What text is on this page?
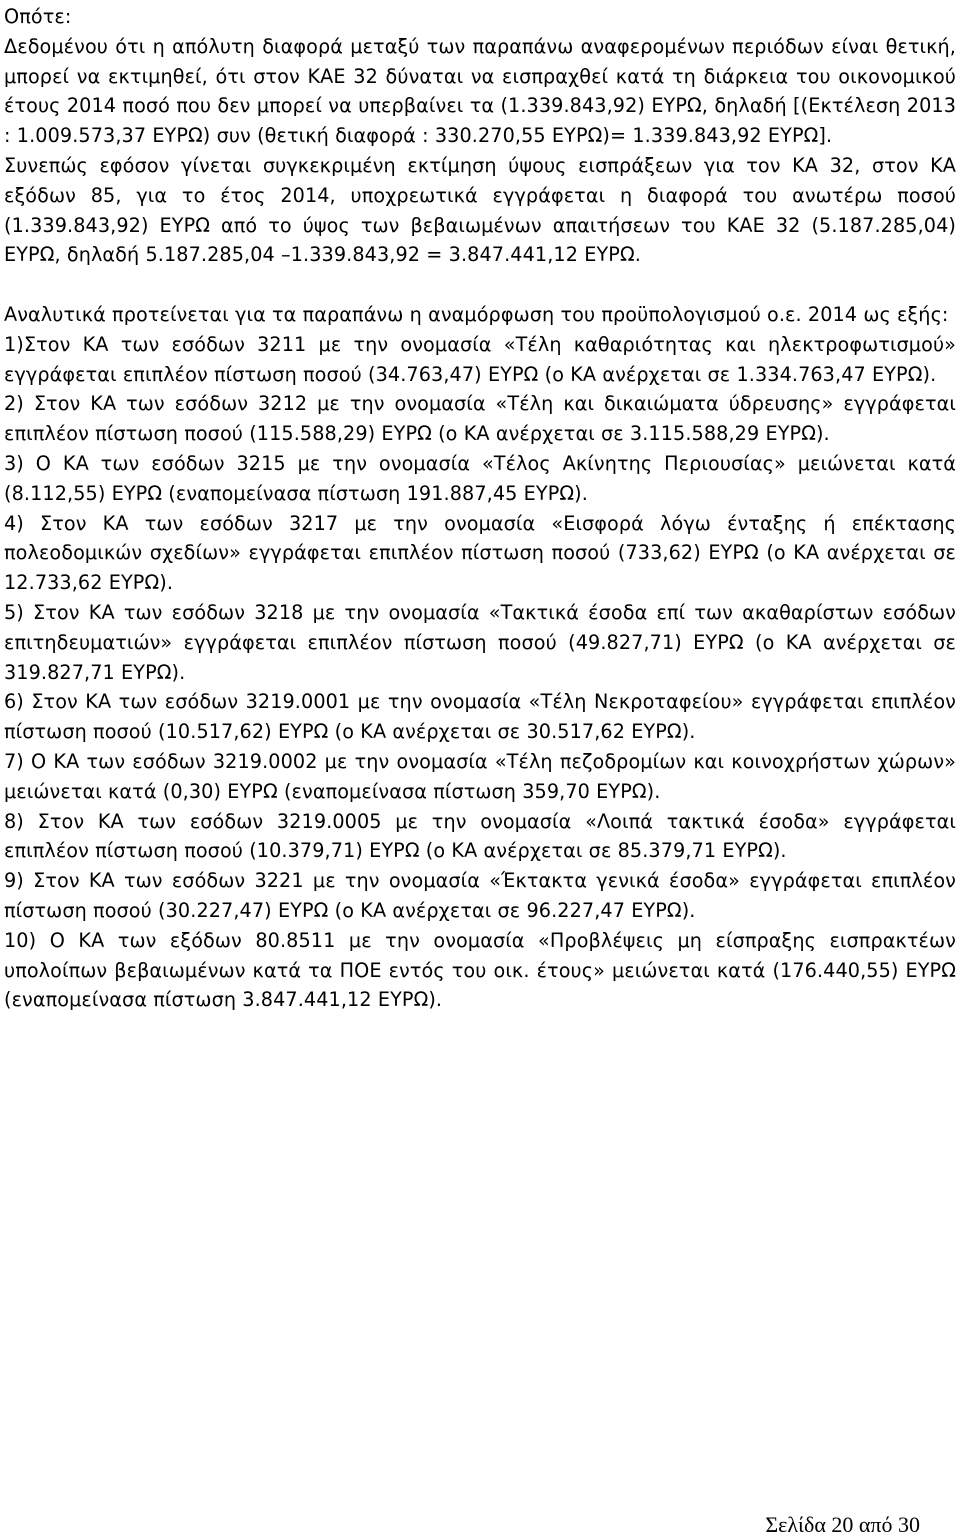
Οπότε:

Δεδομένου ότι η απόλυτη διαφορά μεταξύ των παραπάνω αναφερομένων περιόδων είναι θετική, μπορεί να εκτιμηθεί, ότι στον ΚΑΕ 32 δύναται να εισπραχθεί κατά τη διάρκεια του οικονομικού έτους 2014 ποσό που δεν μπορεί να υπερβαίνει τα (1.339.843,92) ΕΥΡΩ, δηλαδή [(Εκτέλεση 2013 : 1.009.573,37 ΕΥΡΩ) συν (θετική διαφορά : 330.270,55 ΕΥΡΩ)= 1.339.843,92 ΕΥΡΩ].

Συνεπώς εφόσον γίνεται συγκεκριμένη εκτίμηση ύψους εισπράξεων για τον ΚΑ 32, στον ΚΑ εξόδων 85, για το έτος 2014, υποχρεωτικά εγγράφεται η διαφορά του ανωτέρω ποσού (1.339.843,92) ΕΥΡΩ από το ύψος των βεβαιωμένων απαιτήσεων του ΚΑΕ 32 (5.187.285,04) ΕΥΡΩ, δηλαδή 5.187.285,04 –1.339.843,92 = 3.847.441,12 ΕΥΡΩ.

Αναλυτικά προτείνεται για τα παραπάνω η αναμόρφωση του προϋπολογισμού ο.ε. 2014 ως εξής:

1)Στον ΚΑ των εσόδων 3211 με την ονομασία «Τέλη καθαριότητας και ηλεκτροφωτισμού» εγγράφεται επιπλέον πίστωση ποσού (34.763,47) ΕΥΡΩ (ο ΚΑ ανέρχεται σε 1.334.763,47 ΕΥΡΩ).

2) Στον ΚΑ των εσόδων 3212 με την ονομασία «Τέλη και δικαιώματα ύδρευσης» εγγράφεται επιπλέον πίστωση ποσού (115.588,29) ΕΥΡΩ (ο ΚΑ ανέρχεται σε 3.115.588,29 ΕΥΡΩ).

3) Ο ΚΑ των εσόδων 3215 με την ονομασία «Τέλος Ακίνητης Περιουσίας» μειώνεται κατά (8.112,55) ΕΥΡΩ (εναπομείνασα πίστωση 191.887,45 ΕΥΡΩ).

4) Στον ΚΑ των εσόδων 3217 με την ονομασία «Εισφορά λόγω ένταξης ή επέκτασης πολεοδομικών σχεδίων» εγγράφεται επιπλέον πίστωση ποσού (733,62) ΕΥΡΩ (ο ΚΑ ανέρχεται σε 12.733,62 ΕΥΡΩ).

5) Στον ΚΑ των εσόδων 3218 με την ονομασία «Τακτικά έσοδα επί των ακαθαρίστων εσόδων επιτηδευματιών» εγγράφεται επιπλέον πίστωση ποσού (49.827,71) ΕΥΡΩ (ο ΚΑ ανέρχεται σε 319.827,71 ΕΥΡΩ).

6) Στον ΚΑ των εσόδων 3219.0001 με την ονομασία «Τέλη Νεκροταφείου» εγγράφεται επιπλέον πίστωση ποσού (10.517,62) ΕΥΡΩ (ο ΚΑ ανέρχεται σε 30.517,62 ΕΥΡΩ).

7) Ο ΚΑ των εσόδων 3219.0002 με την ονομασία «Τέλη πεζοδρομίων και κοινοχρήστων χώρων» μειώνεται κατά (0,30) ΕΥΡΩ (εναπομείνασα πίστωση 359,70 ΕΥΡΩ).

8) Στον ΚΑ των εσόδων 3219.0005 με την ονομασία «Λοιπά τακτικά έσοδα» εγγράφεται επιπλέον πίστωση ποσού (10.379,71) ΕΥΡΩ (ο ΚΑ ανέρχεται σε 85.379,71 ΕΥΡΩ).

9) Στον ΚΑ των εσόδων 3221 με την ονομασία «Έκτακτα γενικά έσοδα» εγγράφεται επιπλέον πίστωση ποσού (30.227,47) ΕΥΡΩ (ο ΚΑ ανέρχεται σε 96.227,47 ΕΥΡΩ).

10) Ο ΚΑ των εξόδων 80.8511 με την ονομασία «Προβλέψεις μη είσπραξης εισπρακτέων υπολοίπων βεβαιωμένων κατά τα ΠΟΕ εντός του οικ. έτους» μειώνεται κατά (176.440,55) ΕΥΡΩ (εναπομείνασα πίστωση 3.847.441,12 ΕΥΡΩ).

Σελίδα 20 από 30
